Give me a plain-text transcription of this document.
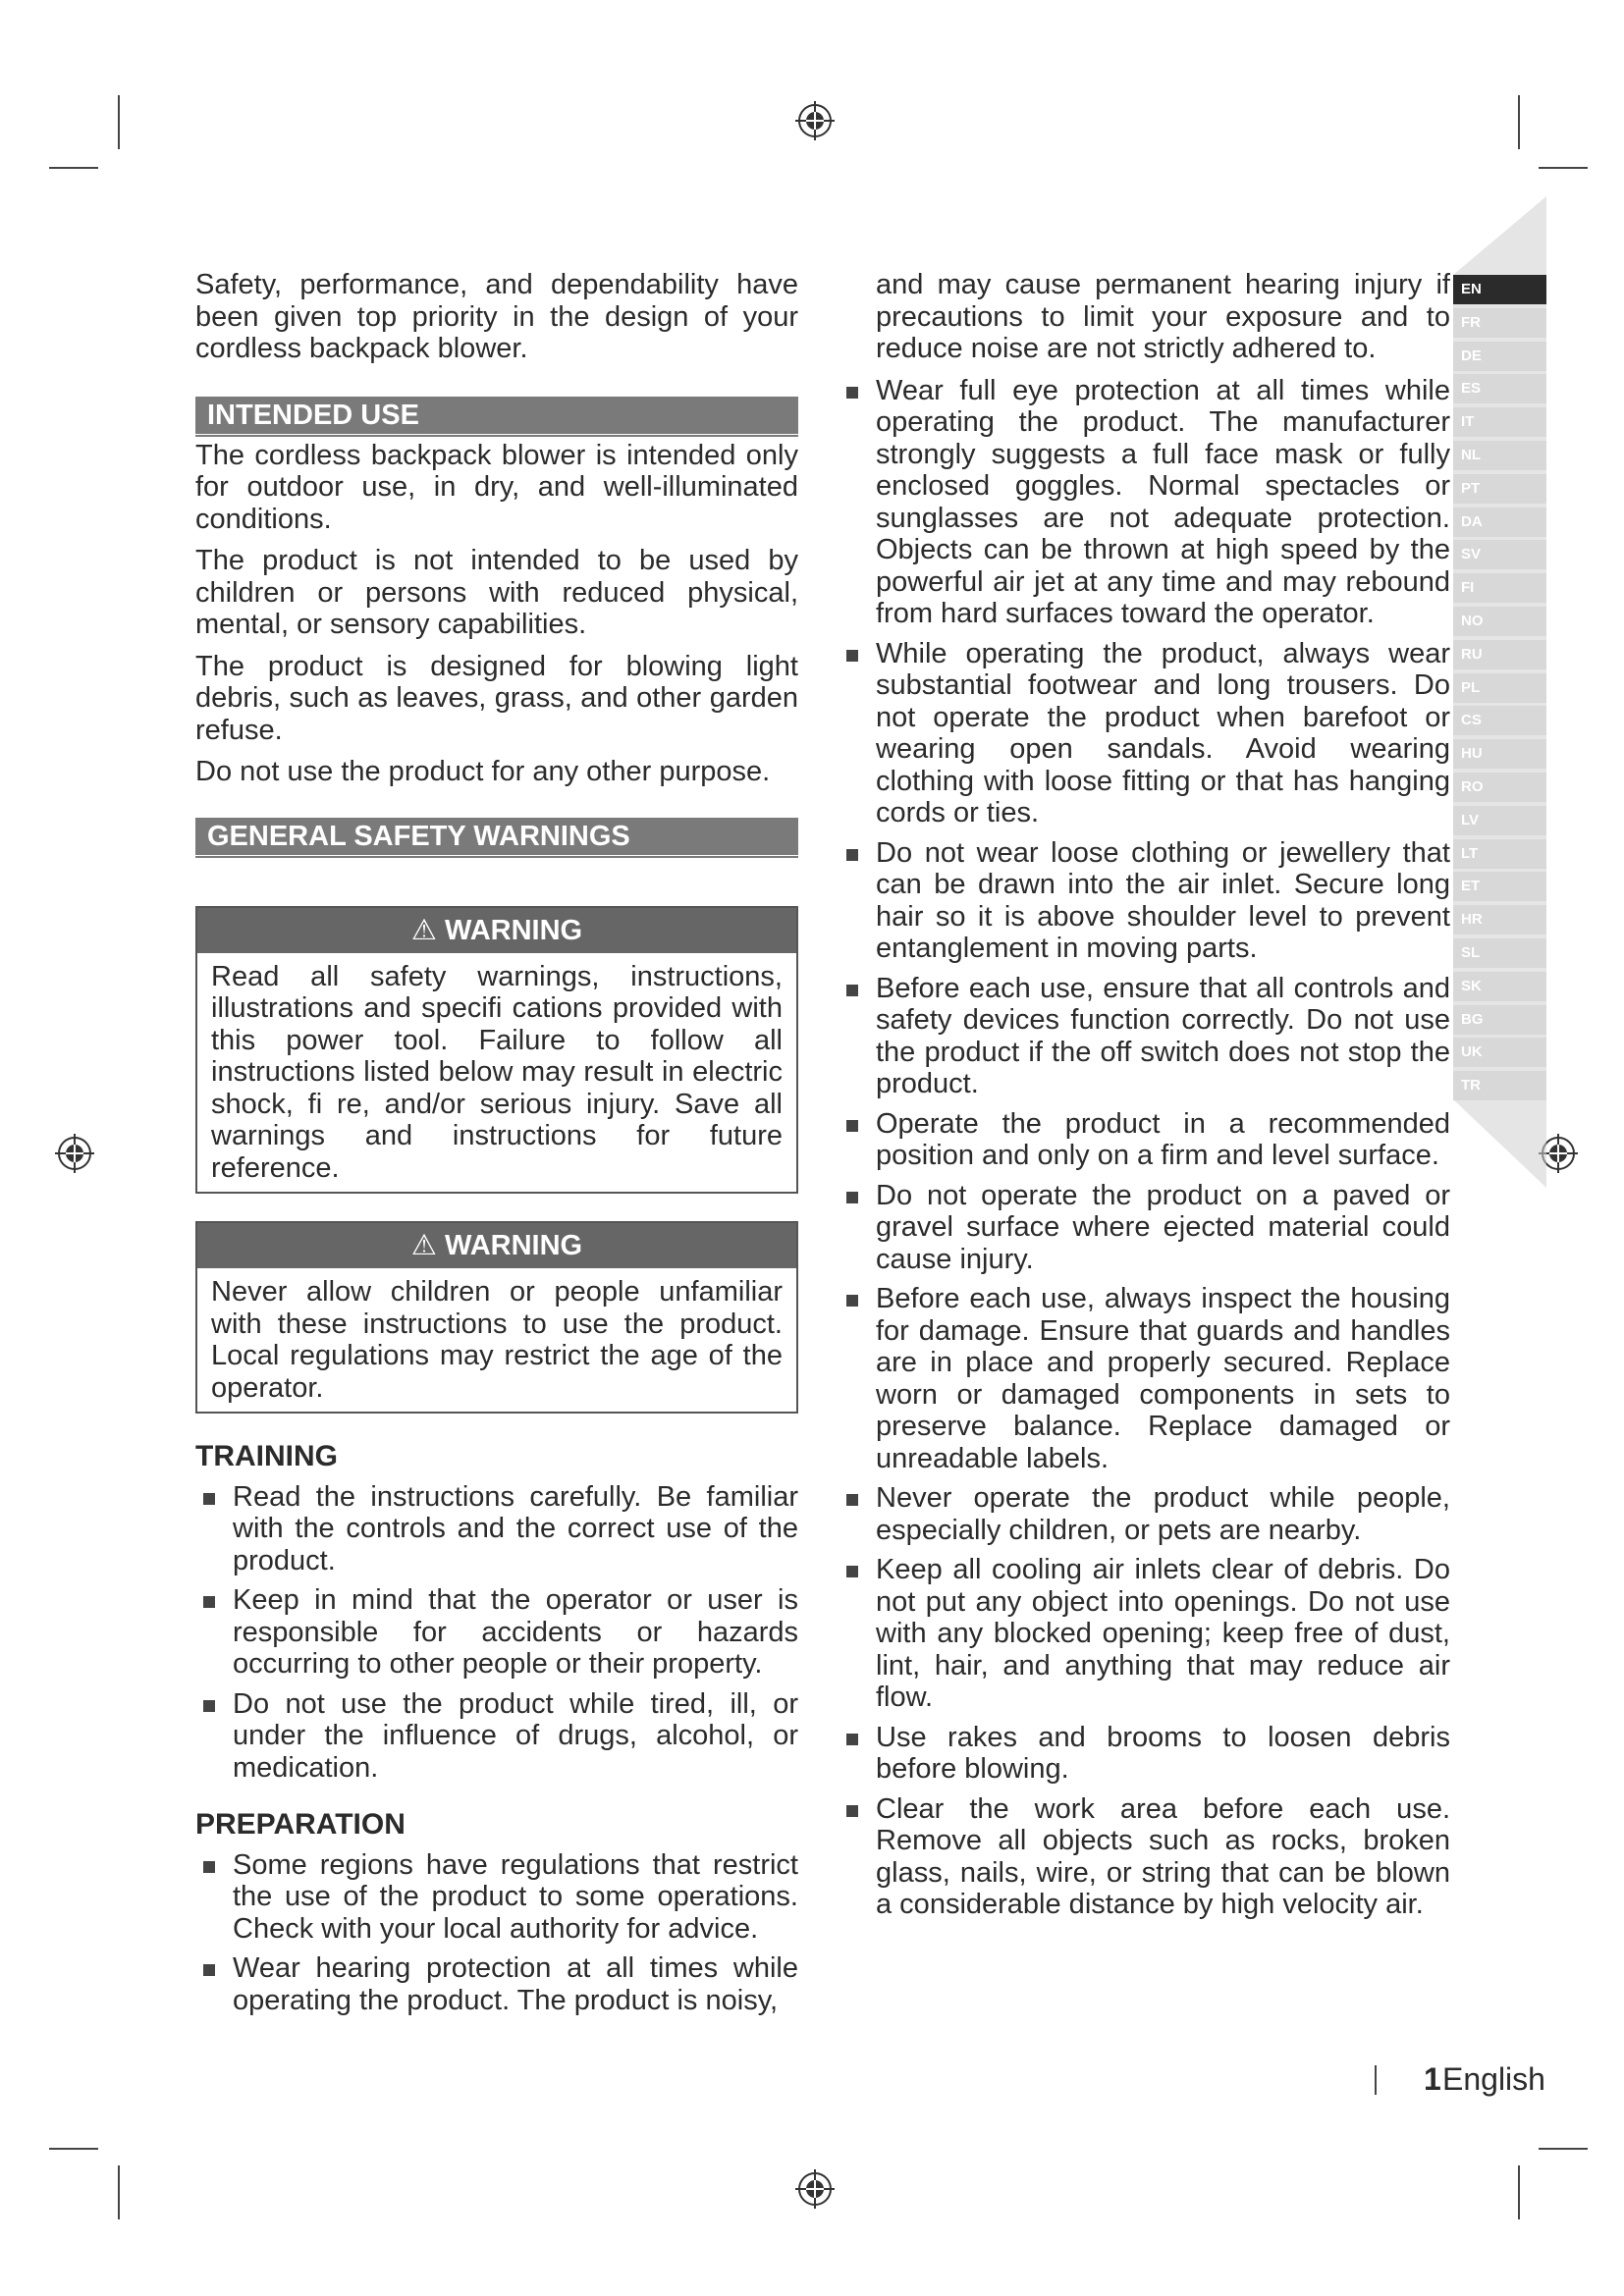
EN
FR
DE
ES
IT
NL
PT
DA
SV
FI
NO
RU
PL
CS
HU
RO
LV
LT
ET
HR
SL
SK
BG
UK
TR

Safety, performance, and dependability have been given top priority in the design of your cordless backpack blower.

INTENDED USE

The cordless backpack blower is intended only for outdoor use, in dry, and well-illuminated conditions.

The product is not intended to be used by children or persons with reduced physical, mental, or sensory capabilities.

The product is designed for blowing light debris, such as leaves, grass, and other garden refuse.

Do not use the product for any other purpose.

GENERAL SAFETY WARNINGS
⚠ WARNING
Read all safety warnings, instructions, illustrations and specifi cations provided with this power tool. Failure to follow all instructions listed below may result in electric shock, fi re, and/or serious injury. Save all warnings and instructions for future reference.
⚠ WARNING
Never allow children or people unfamiliar with these instructions to use the product. Local regulations may restrict the age of the operator.
TRAINING
Read the instructions carefully. Be familiar with the controls and the correct use of the product.
Keep in mind that the operator or user is responsible for accidents or hazards occurring to other people or their property.
Do not use the product while tired, ill, or under the influence of drugs, alcohol, or medication.
PREPARATION
Some regions have regulations that restrict the use of the product to some operations. Check with your local authority for advice.
Wear hearing protection at all times while operating the product. The product is noisy,

and may cause permanent hearing injury if precautions to limit your exposure and to reduce noise are not strictly adhered to.

Wear full eye protection at all times while operating the product. The manufacturer strongly suggests a full face mask or fully enclosed goggles. Normal spectacles or sunglasses are not adequate protection. Objects can be thrown at high speed by the powerful air jet at any time and may rebound from hard surfaces toward the operator.
While operating the product, always wear substantial footwear and long trousers. Do not operate the product when barefoot or wearing open sandals. Avoid wearing clothing with loose fitting or that has hanging cords or ties.
Do not wear loose clothing or jewellery that can be drawn into the air inlet. Secure long hair so it is above shoulder level to prevent entanglement in moving parts.
Before each use, ensure that all controls and safety devices function correctly. Do not use the product if the off switch does not stop the product.
Operate the product in a recommended position and only on a firm and level surface.
Do not operate the product on a paved or gravel surface where ejected material could cause injury.
Before each use, always inspect the housing for damage. Ensure that guards and handles are in place and properly secured. Replace worn or damaged components in sets to preserve balance. Replace damaged or unreadable labels.
Never operate the product while people, especially children, or pets are nearby.
Keep all cooling air inlets clear of debris. Do not put any object into openings. Do not use with any blocked opening; keep free of dust, lint, hair, and anything that may reduce air flow.
Use rakes and brooms to loosen debris before blowing.
Clear the work area before each use. Remove all objects such as rocks, broken glass, nails, wire, or string that can be blown a considerable distance by high velocity air.
1 English
